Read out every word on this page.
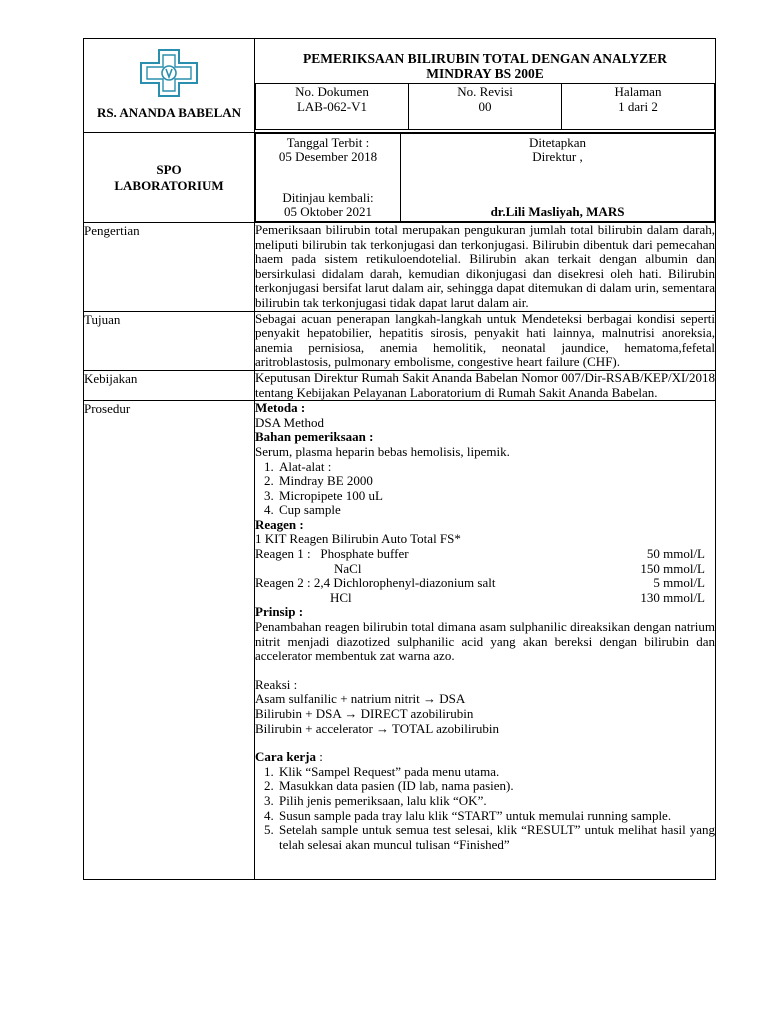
RS. ANANDA BABELAN

PEMERIKSAAN BILIRUBIN TOTAL DENGAN ANALYZER
MINDRAY BS 200E
No. Dokumen
LAB-062-V1

No. Revisi
00

Halaman
1 dari 2

SPO
LABORATORIUM

Tanggal Terbit :
05 Desember 2018
Ditinjau kembali:
05 Oktober 2021

Ditetapkan
Direktur ,
dr.Lili Masliyah, MARS

Pengertian	Pemeriksaan bilirubin total merupakan pengukuran jumlah total bilirubin dalam darah, meliputi bilirubin tak terkonjugasi dan terkonjugasi. Bilirubin dibentuk dari pemecahan haem pada sistem retikuloendotelial. Bilirubin akan terkait dengan albumin dan bersirkulasi didalam darah, kemudian dikonjugasi dan disekresi oleh hati. Bilirubin terkonjugasi bersifat larut dalam air, sehingga dapat ditemukan di dalam urin, sementara bilirubin tak terkonjugasi tidak dapat larut dalam air.
Tujuan	Sebagai acuan penerapan langkah-langkah untuk Mendeteksi berbagai kondisi seperti penyakit hepatobilier, hepatitis sirosis, penyakit hati lainnya, malnutrisi anoreksia, anemia pernisiosa, anemia hemolitik, neonatal jaundice, hematoma,fefetal aritroblastosis, pulmonary embolisme, congestive heart failure (CHF).
Kebijakan	Keputusan Direktur Rumah Sakit Ananda Babelan Nomor 007/Dir-RSAB/KEP/XI/2018 tentang Kebijakan Pelayanan Laboratorium di Rumah Sakit Ananda Babelan.
Prosedur	Metoda :
DSA Method
Bahan pemeriksaan :
Serum, plasma heparin bebas hemolisis, lipemik.
1. Alat-alat :
2. Mindray BE 2000
3. Micropipete 100 uL
4. Cup sample
Reagen :
1 KIT Reagen Bilirubin Auto Total FS*
Reagen 1 : Phosphate buffer	50 mmol/L
NaCl	150 mmol/L
Reagen 2 : 2,4 Dichlorophenyl-diazonium salt	5 mmol/L
HCl	130 mmol/L
Prinsip :
Penambahan reagen bilirubin total dimana asam sulphanilic direaksikan dengan natrium nitrit menjadi diazotized sulphanilic acid yang akan bereksi dengan bilirubin dan accelerator membentuk zat warna azo.
Reaksi :
Asam sulfanilic + natrium nitrit → DSA
Bilirubin + DSA → DIRECT azobilirubin
Bilirubin + accelerator → TOTAL azobilirubin
Cara kerja :
1. Klik “Sampel Request” pada menu utama.
2. Masukkan data pasien (ID lab, nama pasien).
3. Pilih jenis pemeriksaan, lalu klik “OK”.
4. Susun sample pada tray lalu klik “START” untuk memulai running sample.
5. Setelah sample untuk semua test selesai, klik “RESULT” untuk melihat hasil yang telah selesai akan muncul tulisan “Finished”
